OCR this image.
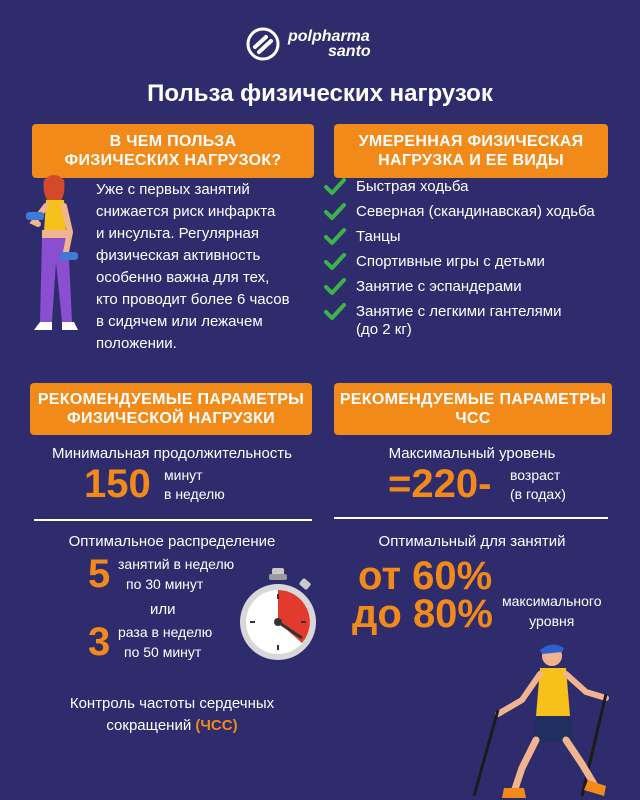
polpharma
santo
Польза физических нагрузок
В ЧЕМ ПОЛЬЗА
ФИЗИЧЕСКИХ НАГРУЗОК?
Уже с первых занятий
снижается риск инфаркта
и инсульта. Регулярная
физическая активность
особенно важна для тех,
кто проводит более 6 часов
в сидячем или лежачем
положении.
УМЕРЕННАЯ ФИЗИЧЕСКАЯ
НАГРУЗКА И ЕЕ ВИДЫ
Быстрая ходьба
Северная (скандинавская) ходьба
Танцы
Спортивные игры с детьми
Занятие с эспандерами
Занятие с легкими гантелями
(до 2 кг)
РЕКОМЕНДУЕМЫЕ ПАРАМЕТРЫ
ФИЗИЧЕСКОЙ НАГРУЗКИ
Минимальная продолжительность
150 минут
в неделю
Оптимальное распределение
5 занятий в неделю
по 30 минут
или
3 раза в неделю
по 50 минут
Контроль частоты сердечных
сокращений (ЧСС)
РЕКОМЕНДУЕМЫЕ ПАРАМЕТРЫ
ЧСС
Максимальный уровень
=220- возраст
(в годах)
Оптимальный для занятий
от 60%
до 80% максимального
уровня
